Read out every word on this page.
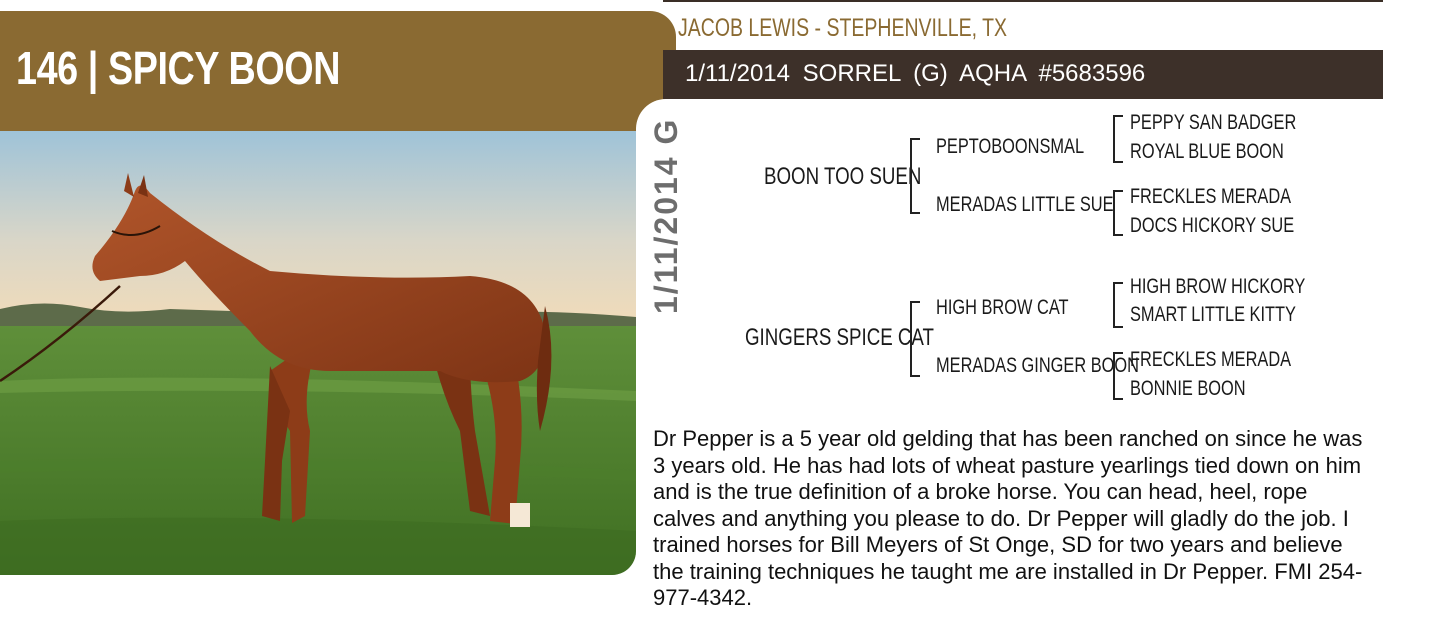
146 | SPICY BOON
JACOB LEWIS - STEPHENVILLE, TX
1/11/2014 SORREL (G) AQHA #5683596
1/11/2014 G	BOON TOO SUEN
PEPTOBOONSMAL
MERADAS LITTLE SUE
PEPPY SAN BADGER
ROYAL BLUE BOON
FRECKLES MERADA
DOCS HICKORY SUE
GINGERS SPICE CAT
HIGH BROW CAT
MERADAS GINGER BOON
HIGH BROW HICKORY
SMART LITTLE KITTY
FRECKLES MERADA
BONNIE BOON
Dr Pepper is a 5 year old gelding that has been ranched on since he was 3 years old. He has had lots of wheat pasture yearlings tied down on him and is the true definition of a broke horse. You can head, heel, rope calves and anything you please to do. Dr Pepper will gladly do the job. I trained horses for Bill Meyers of St Onge, SD for two years and believe the training techniques he taught me are installed in Dr Pepper. FMI 254-977-4342.
